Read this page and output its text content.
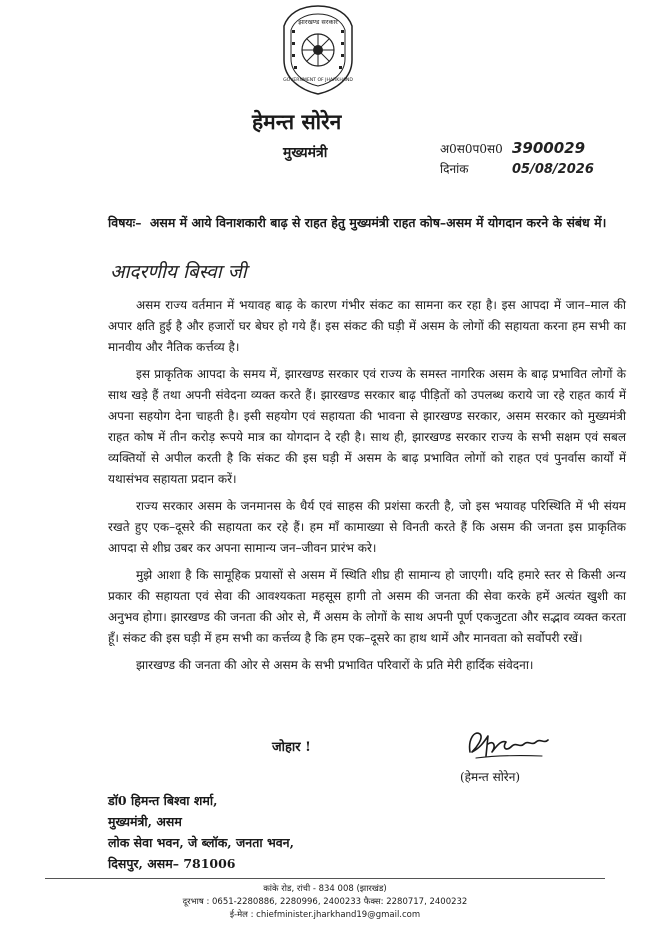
झारखण्ड सरकार
GOVERNMENT OF JHARKHAND
हेमन्त सोरेन
मुख्यमंत्री	अ0स0प0स0 3900029
दिनांक	05/08/2026
विषयः– असम में आये विनाशकारी बाढ़ से राहत हेतु मुख्यमंत्री राहत कोष–असम में योगदान करने के संबंध में।
आदरणीय बिस्वा जी

असम राज्य वर्तमान में भयावह बाढ़ के कारण गंभीर संकट का सामना कर रहा है। इस आपदा में जान–माल की अपार क्षति हुई है और हजारों घर बेघर हो गये हैं। इस संकट की घड़ी में असम के लोगों की सहायता करना हम सभी का मानवीय और नैतिक कर्त्तव्य है।

इस प्राकृतिक आपदा के समय में, झारखण्ड सरकार एवं राज्य के समस्त नागरिक असम के बाढ़ प्रभावित लोगों के साथ खड़े हैं तथा अपनी संवेदना व्यक्त करते हैं। झारखण्ड सरकार बाढ़ पीड़ितों को उपलब्ध कराये जा रहे राहत कार्य में अपना सहयोग देना चाहती है। इसी सहयोग एवं सहायता की भावना से झारखण्ड सरकार, असम सरकार को मुख्यमंत्री राहत कोष में तीन करोड़ रूपये मात्र का योगदान दे रही है। साथ ही, झारखण्ड सरकार राज्य के सभी सक्षम एवं सबल व्यक्तियों से अपील करती है कि संकट की इस घड़ी में असम के बाढ़ प्रभावित लोगों को राहत एवं पुनर्वास कार्यों में यथासंभव सहायता प्रदान करें।

राज्य सरकार असम के जनमानस के धैर्य एवं साहस की प्रशंसा करती है, जो इस भयावह परिस्थिति में भी संयम रखते हुए एक–दूसरे की सहायता कर रहे हैं। हम माँ कामाख्या से विनती करते हैं कि असम की जनता इस प्राकृतिक आपदा से शीघ्र उबर कर अपना सामान्य जन–जीवन प्रारंभ करे।

मुझे आशा है कि सामूहिक प्रयासों से असम में स्थिति शीघ्र ही सामान्य हो जाएगी। यदि हमारे स्तर से किसी अन्य प्रकार की सहायता एवं सेवा की आवश्यकता महसूस हागी तो असम की जनता की सेवा करके हमें अत्यंत खुशी का अनुभव होगा। झारखण्ड की जनता की ओर से, मैं असम के लोगों के साथ अपनी पूर्ण एकजुटता और सद्भाव व्यक्त करता हूँ। संकट की इस घड़ी में हम सभी का कर्त्तव्य है कि हम एक–दूसरे का हाथ थामें और मानवता को सर्वोपरी रखें।

झारखण्ड की जनता की ओर से असम के सभी प्रभावित परिवारों के प्रति मेरी हार्दिक संवेदना।

जोहार !
(हेमन्त सोरेन)
डॉ0 हिमन्त बिश्वा शर्मा,
मुख्यमंत्री, असम
लोक सेवा भवन, जे ब्लॉक, जनता भवन,
दिसपुर, असम– 781006
कांके रोड, रांची - 834 008 (झारखंड)
दूरभाष : 0651-2280886, 2280996, 2400233 फैक्स: 2280717, 2400232
ई-मेल : chiefminister.jharkhand19@gmail.com
